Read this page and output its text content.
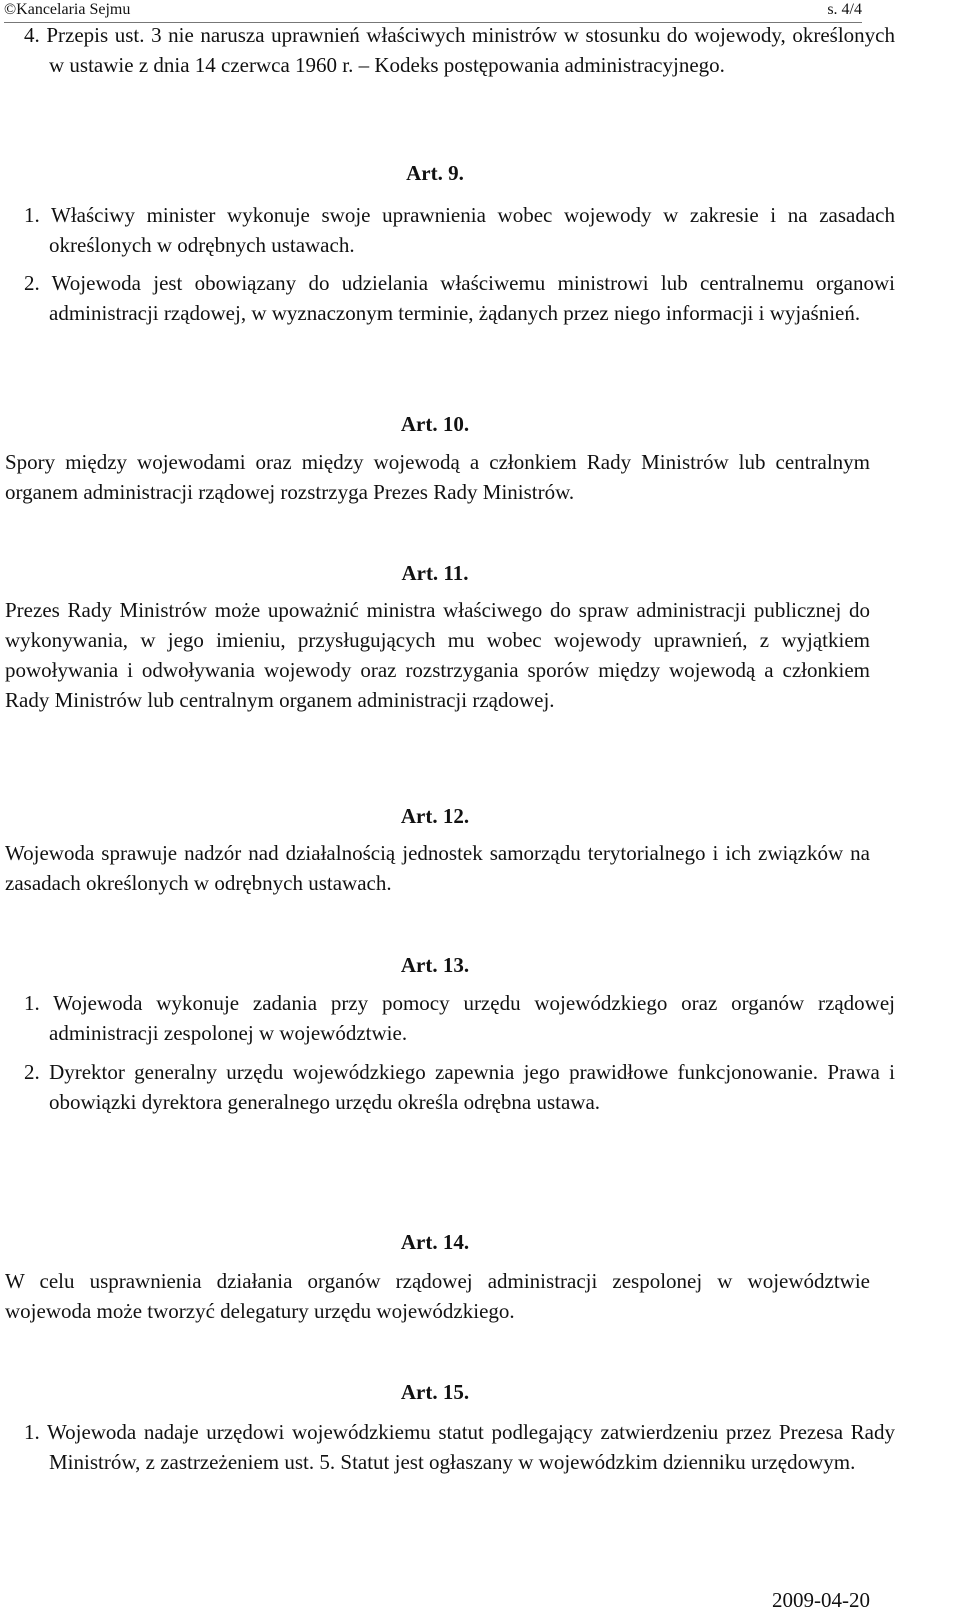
©Kancelaria Sejmu	s. 4/4
4. Przepis ust. 3 nie narusza uprawnień właściwych ministrów w stosunku do wojewody, określonych w ustawie z dnia 14 czerwca 1960 r. – Kodeks postępowania administracyjnego.
Art. 9.
1. Właściwy minister wykonuje swoje uprawnienia wobec wojewody w zakresie i na zasadach określonych w odrębnych ustawach.
2. Wojewoda jest obowiązany do udzielania właściwemu ministrowi lub centralnemu organowi administracji rządowej, w wyznaczonym terminie, żądanych przez niego informacji i wyjaśnień.
Art. 10.
Spory między wojewodami oraz między wojewodą a członkiem Rady Ministrów lub centralnym organem administracji rządowej rozstrzyga Prezes Rady Ministrów.
Art. 11.
Prezes Rady Ministrów może upoważnić ministra właściwego do spraw administracji publicznej do wykonywania, w jego imieniu, przysługujących mu wobec wojewody uprawnień, z wyjątkiem powoływania i odwoływania wojewody oraz rozstrzygania sporów między wojewodą a członkiem Rady Ministrów lub centralnym organem administracji rządowej.
Art. 12.
Wojewoda sprawuje nadzór nad działalnością jednostek samorządu terytorialnego i ich związków na zasadach określonych w odrębnych ustawach.
Art. 13.
1. Wojewoda wykonuje zadania przy pomocy urzędu wojewódzkiego oraz organów rządowej administracji zespolonej w województwie.
2. Dyrektor generalny urzędu wojewódzkiego zapewnia jego prawidłowe funkcjonowanie. Prawa i obowiązki dyrektora generalnego urzędu określa odrębna ustawa.
Art. 14.
W celu usprawnienia działania organów rządowej administracji zespolonej w województwie wojewoda może tworzyć delegatury urzędu wojewódzkiego.
Art. 15.
1. Wojewoda nadaje urzędowi wojewódzkiemu statut podlegający zatwierdzeniu przez Prezesa Rady Ministrów, z zastrzeżeniem ust. 5. Statut jest ogłaszany w wojewódzkim dzienniku urzędowym.
2009-04-20
